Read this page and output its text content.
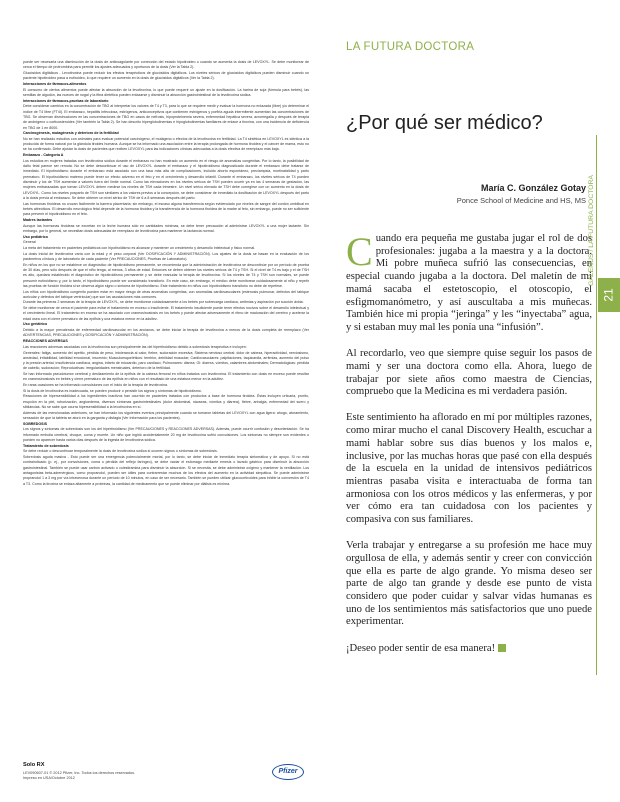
puede ser necesaria una disminución de la dosis de anticoagulante por corrección del estado hipotiroideo o cuando se aumenta la dosis de LEVOXYL. Se debe monitorear de cerca el tiempo de protrombina para permitir los ajustes adecuados y oportunos de la dosis (Ver la Tabla 2).

Glucósidos digitálicos - Levotiroxina puede reducir los efectos terapéuticos de glucósidos digitálicos. Los niveles séricos de glucósidos digitálicos pueden disminuir cuando un paciente hipotiroideo pasa a eutiroideo, lo que requiere un aumento en la dosis de glucósidos digitálicos (Ver la Tabla 2).

Interacciones de fármacos-alimentos

El consumo de ciertos alimentos puede afectar la absorción de la levotiroxina, lo que puede requerir un ajuste en la dosificación. La harina de soja (fórmula para bebés), las semillas de algodón, las nueces de nogal y la fibra dietética pueden enlazarse y disminuir la absorción gastrointestinal de la levotiroxina sódica.

Interacciones de fármacos-pruebas de laboratorio

Debe considerar cambios en la concentración de TBG al interpretar los valores de T4 y T3, para lo que se requiere medir y evaluar la hormona no enlazada (libre) y/o determinar el índice de T4 libre (FT4I). El embarazo, hepatitis infecciosa, estrógenos, anticonceptivos que contienen estrógenos y porfiria aguda intermitente aumentan las concentraciones de TBG. Se observan disminuciones en las concentraciones de TBG en casos de nefrosis, hipoproteinemia severa, enfermedad hepática severa, acromegalia y después de terapia de andrógeno o corticosteroides (Ver también la Tabla 2). Se han descrito hiperglobulinemias e hipoglobulinemias familiares de enlace a tiroxina, con una incidencia de deficiencia en TBG de 1 en 8000.

Carcinogénesis, mutagénesis y deterioro de la fertilidad

No se han realizado estudios con animales para evaluar potencial carcinógeno, el mutágeno o efectos de la levotiroxina en fertilidad. La T4 sintética en LEVOXYL es idéntica a la producida de forma natural por la glándula tiroides humana. Aunque se ha informado una asociación entre la terapia prolongada de hormona tiroidea y el cáncer de mama, esto no se ha confirmado. Debe ajustar la dosis de pacientes que reciben LEVOXYL para las indicaciones clínicas adecuadas a la dosis efectiva de reemplazo más baja.

Embarazo - Categoría A

Los estudios en mujeres tratadas con levotiroxina sódica durante el embarazo no han mostrado un aumento en el riesgo de anomalías congénitas. Por lo tanto, la posibilidad de daño fetal parece ser remota. No se debe descontinuar el uso de LEVOXYL durante el embarazo y el hipotiroidismo diagnosticado durante el embarazo debe tratarse de inmediato. El hipotiroidismo durante el embarazo está asociado con una tasa más alta de complicaciones, incluido aborto espontáneo, preclampsia, mortinatalidad y parto prematuro. El hipotiroidismo materno puede tener un efecto adverso en el feto y en el crecimiento y desarrollo infantil. Durante el embarazo, los niveles séricos de T4 pueden disminuir y los de TSH aumentar a valores fuera del límite normal. Como las elevaciones en los niveles séricos de TSH pueden ocurrir ya en las 4 semanas de gestación, las mujeres embarazadas que toman LEVOXYL deben medirse los niveles de TSH cada trimestre. Un nivel sérico elevado de TSH debe corregirse con un aumento en la dosis de LEVOXYL. Como los niveles posparto de TSH son similares a los valores previos a la concepción, se debe considerar de inmediato la dosificación de LEVOXYL después del parto a la dosis previa al embarazo. Se debe obtener un nivel sérico de TSH de 6 a 8 semanas después del parto.

Las hormonas tiroideas no cruzan fácilmente la barrera placentaria; sin embargo, el escaso alguna transferencia según evidenciado por niveles de sangre del cordón umbilical en bebés atireóticos. El desarrollo neurológico fetal depende de la hormona tiroidea y la transferencia de la hormona tiroidea de la madre al feto, sin embargo, puede no ser suficiente para prevenir el hipotiroidismo en el feto.

Madres lactantes

Aunque las hormonas tiroideas se excretan en la leche humana sólo en cantidades mínimas, se debe tener precaución al administrar LEVOXYL a una mujer lactante. Sin embargo, por lo general, se necesitan dosis adecuadas de reemplazo de levotiroxina para mantener la lactancia normal.

Uso pediátrico

General

La meta del tratamiento en pacientes pediátricos con hipotiroidismo es alcanzar y mantener un crecimiento y desarrollo intelectual y físico normal.

La dosis inicial de levotiroxina varía con la edad y el peso corporal (Ver DOSIFICACIÓN Y ADMINISTRACIÓN). Los ajustes de la dosis se basan en la evaluación de los parámetros clínicos y de laboratorio de cada paciente (Ver PRECAUCIONES, Pruebas de Laboratorio).

En niños en los que no se establece un diagnóstico de hipotiroidismo permanente, se recomienda que la administración de levotiroxina se descontinúe por un período de prueba de 30 días, pero sólo después de que el niño tenga, al menos, 3 años de edad. Entonces se deben obtener los niveles séricos de T4 y TSH. Si el nivel de T4 es bajo y el de TSH es alto, quedará establecido el diagnóstico de hipotiroidismo permanente y se debe reanudar la terapia de levotiroxina. Si los niveles de T4 y TSH son normales, se puede presumir eutiroidismo y, por lo tanto, el hipotiroidismo puede ser considerado transitorio. En este caso, sin embargo, el médico debe monitorear cuidadosamente al niño y repetir las pruebas de función tiroidea si se observa algún signo o síntoma de hipotiroidismo. Este tratamiento en niños con hipotiroidismo transitorio no debe de repetirse.

Los niños con hipotiroidismo congénito pueden estar en mayor riesgo de otras anomalías congénitas, con anomalías cardiovasculares (estenosis pulmonar, defectos del tabique auricular y defectos del tabique ventricular) que son las asociaciones más comunes.

Durante las primeras 2 semanas de la terapia de LEVOXYL, se debe monitorear cuidadosamente a los bebés por sobrecarga cardíaca, arritmias y aspiración por succión ávida.

Se debe monitorear de cerca el paciente para evitar el tratamiento en exceso o insuficiente. El tratamiento insuficiente puede tener efectos nocivos sobre el desarrollo intelectual y el crecimiento lineal. El tratamiento en exceso se ha asociado con craneosinostosis en los bebés y puede afectar adversamente el ritmo de maduración del cerebro y acelerar la edad ósea con el cierre prematuro de las epífisis y una estatura menor en la adultez.

Uso geriátrico

Debido a la mayor prevalencia de enfermedad cardiovascular en los ancianos, se debe iniciar la terapia de levotiroxina a menos de la dosis completa de reemplazo (Ver ADVERTENCIAS, PRECAUCIONES y DOSIFICACIÓN Y ADMINISTRACIÓN).

REACCIONES ADVERSAS

Las reacciones adversas asociadas con la levotiroxina son principalmente las del hipertiroidismo debido a sobredosis terapéutica e incluyen:

Generales: fatiga, aumento del apetito, pérdida de peso, intolerancia al calor, fiebre, sudoración excesiva; Sistema nervioso central: dolor de cabeza, hiperactividad, nerviosismo, ansiedad, irritabilidad, labilidad emocional, insomnio; Musculoesqueléticos: temblor, debilidad muscular; Cardiovasculares: palpitaciones, taquicardia, arritmias, aumento del pulso y la presión arterial, insuficiencia cardíaca, angina, infarto de miocardio, paro cardíaco; Pulmonares: disnea; GI: diarrea, vómitos, calambres abdominales; Dermatológicas: pérdida de cabello, sudoración; Reproductivas: irregularidades menstruales, deterioro de la fertilidad.

Se han informado pseudotumor cerebral y deslizamiento de la epífisis de la cabeza femoral en niños tratados con levotiroxina. El tratamiento con dosis en exceso puede resultar en craneosinostosis en bebés y cierre prematuro de las epífisis en niños con el resultado de una estatura menor en la adultez.

En raras ocasiones se ha informado convulsiones con el inicio de la terapia de levotiroxina.

Si la dosis de levotiroxina es inadecuada, se pueden producir o persistir los signos y síntomas de hipotiroidismo.

Reacciones de hipersensibilidad a los ingredientes inactivos han ocurrido en pacientes tratados con productos a base de hormona tiroidea. Éstas incluyen urticaria, prurito, erupción en la piel, ruborización, angioedema, diversos síntomas gastrointestinales (dolor abdominal, náuseas, vómitos y diarrea), fiebre, artralgia, enfermedad del suero y sibilancias. No se sabe que ocurra hipersensibilidad a la levotiroxina en sí.

Además de las mencionadas anteriores, se han informado los siguientes eventos principalmente cuando se tomaron tabletas del LEVOXYL con agua ligera: ahogo, atoramiento, sensación de que la tableta se atoró en la garganta y disfagia (Ver Información para los pacientes).

SOBREDOSIS

Los signos y síntomas de sobredosis son los del hipertiroidismo (Ver PRECAUCIONES y REACCIONES ADVERSAS). Además, puede ocurrir confusión y desorientación. Se ha informado embolia cerebral, choque, coma y muerte. Un niño que ingirió accidentalmente 20 mg de levotiroxina sufrió convulsiones. Los síntomas no siempre son evidentes o pueden no aparecer hasta varios días después de la ingesta de levotiroxina sódica.

Tratamiento de sobredosis

Se debe reducir o descontinuar temporalmente la dosis de levotiroxina sódica si ocurren signos o síntomas de sobredosis.

Sobredosis aguda masiva - Esto puede ser una emergencia potencialmente mortal, por lo tanto, se debe iniciar de inmediato terapia sintomática y de apoyo. Si no está contraindicado (p. ej., por convulsiones, coma o pérdida del reflejo faríngeo), se debe vaciar el estómago mediante emesis o lavado gástrico para disminuir la absorción gastrointestinal. También se puede usar carbón activado o colestiramina para disminuir la absorción. Si se necesita, se debe administrar oxígeno y mantener la ventilación. Los antagonistas beta-adrenérgicos, como propranolol, pueden ser útiles para contrarrestar muchos de los efectos del aumento en la actividad simpática. Se puede administrar propranolol 1 a 3 mg por vía intravenosa durante un período de 10 minutos, en caso de ser necesario. También se pueden utilizar glucocorticoides para inhibir la conversión de T4 a T3. Como la tiroxina se enlaza altamente a proteínas, la cantidad de medicamento que se puede eliminar por diálisis es mínima.

Solo RX
LEV090607-01 © 2012 Pfizer, Inc. Todos los derechos reservados.
Impreso en USA/Octubre 2012
Pfizer
LA FUTURA DOCTORA
¿Por qué ser médico?
María C. González Gotay
Ponce School of Medicine and HS, MS

Cuando era pequeña me gustaba jugar el rol de dos profesionales: jugaba a la maestra y a la doctora. Mi pobre muñeca sufrió las consecuencias, en especial cuando jugaba a la doctora. Del maletín de mi mamá sacaba el estetoscopio, el otoscopio, el esfigmomanómetro, y así auscultaba a mis muñecas. También hice mi propia “jeringa” y les “inyectaba” agua, y si estaban muy mal les ponía una “infusión”.

Al recordarlo, veo que siempre quise seguir los pasos de mami y ser una doctora como ella. Ahora, luego de trabajar por siete años como maestra de Ciencias, compruebo que la Medicina es mi verdadera pasión.

Este sentimiento ha aflorado en mí por múltiples razones, como mirar mucho el canal Discovery Health, escuchar a mami hablar sobre sus días buenos y los malos e, inclusive, por las muchas horas que pasé con ella después de la escuela en la unidad de intensivos pediátricos mientras pasaba visita e interactuaba de forma tan armoniosa con los otros médicos y las enfermeras, y por ver cómo era tan cuidadosa con los pacientes y compasiva con sus familiares.

Verla trabajar y entregarse a su profesión me hace muy orgullosa de ella, y además sentir y creer con convicción que ella es parte de algo grande. Yo misma deseo ser parte de algo tan grande y desde ese punto de vista considero que poder cuidar y salvar vidas humanas es uno de los sentimientos más satisfactorios que uno puede experimentar.

¡Deseo poder sentir de esa manera!

GALENUS / LA FUTURA DOCTORA
21
